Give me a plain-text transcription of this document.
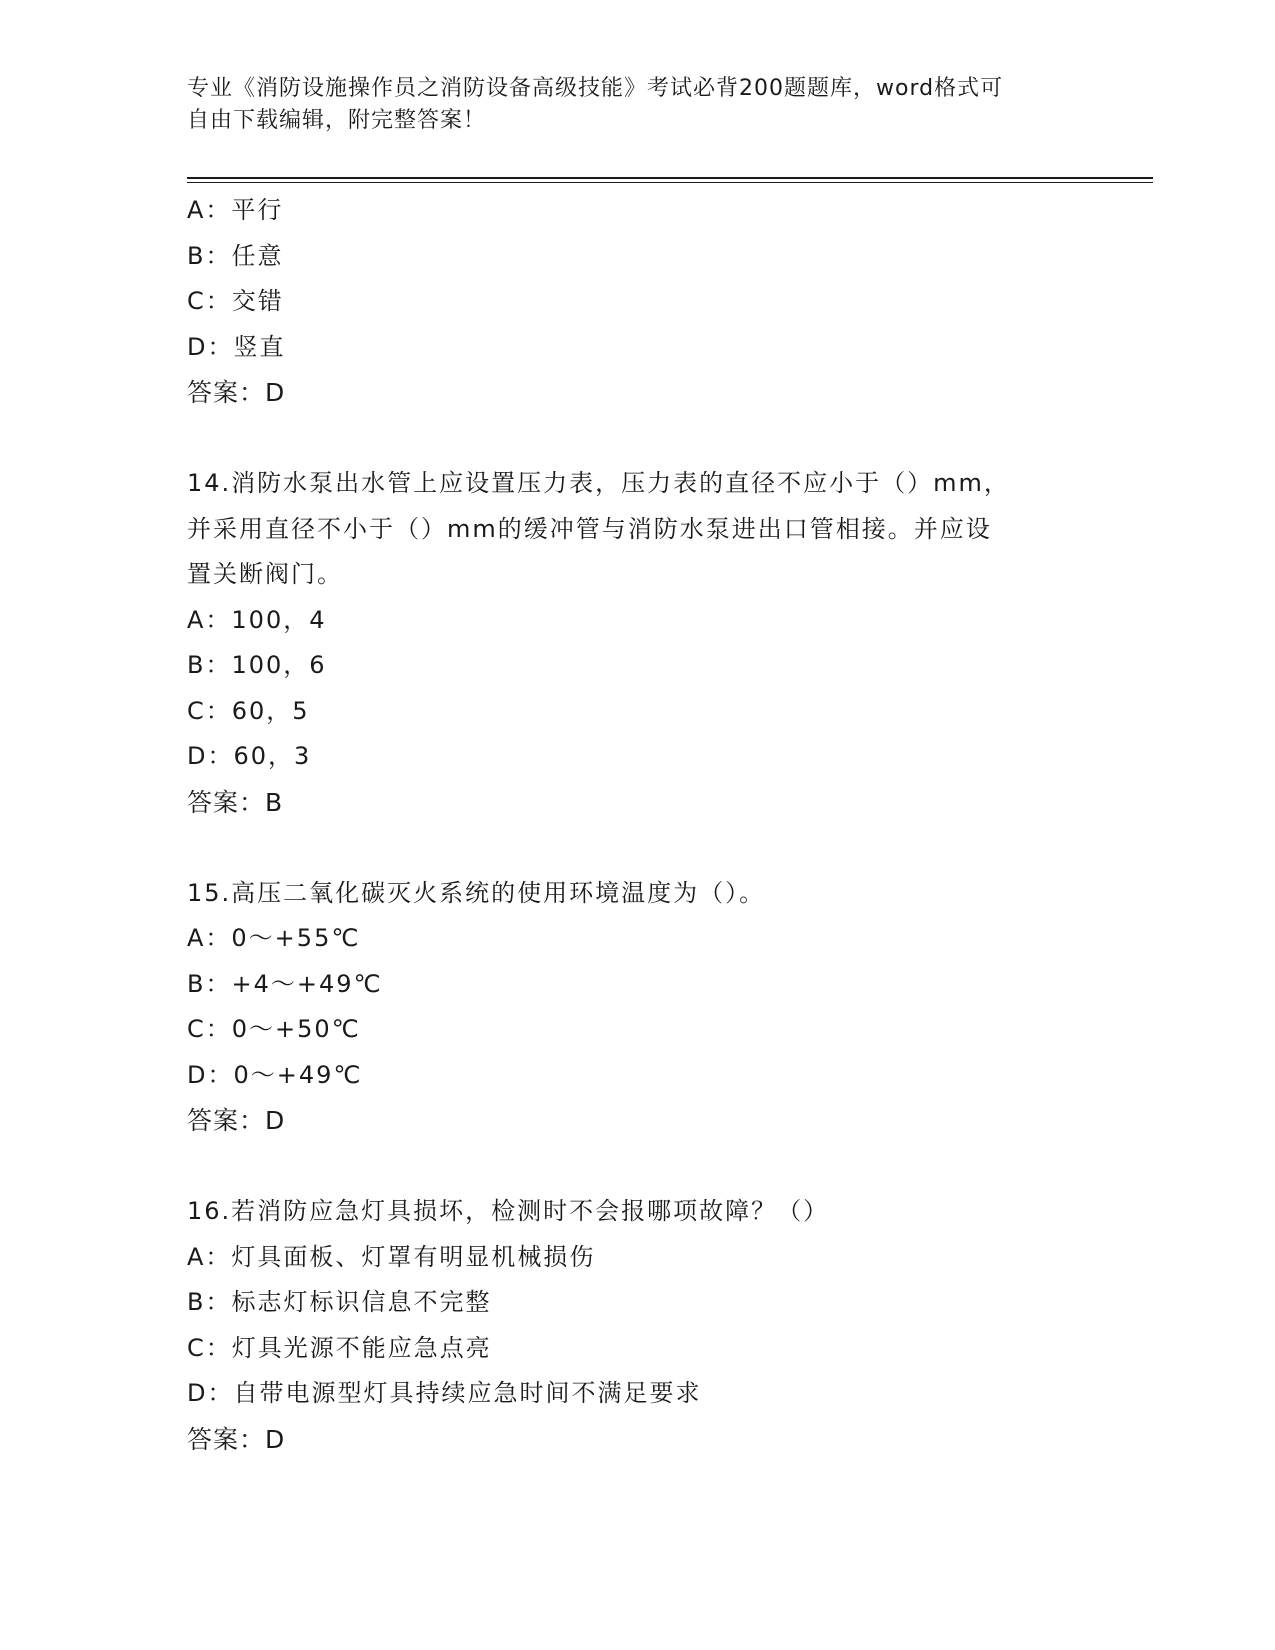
专业《消防设施操作员之消防设备高级技能》考试必背200题题库，word格式可
自由下载编辑，附完整答案！
A：平行
B：任意
C：交错
D：竖直
答案：D
14.消防水泵出水管上应设置压力表，压力表的直径不应小于（）mm，
并采用直径不小于（）mm的缓冲管与消防水泵进出口管相接。并应设
置关断阀门。
A：100，4
B：100，6
C：60，5
D：60，3
答案：B
15.高压二氧化碳灭火系统的使用环境温度为（）。
A：0～+55℃
B：+4～+49℃
C：0～+50℃
D：0～+49℃
答案：D
16.若消防应急灯具损坏，检测时不会报哪项故障？（）
A：灯具面板、灯罩有明显机械损伤
B：标志灯标识信息不完整
C：灯具光源不能应急点亮
D：自带电源型灯具持续应急时间不满足要求
答案：D
